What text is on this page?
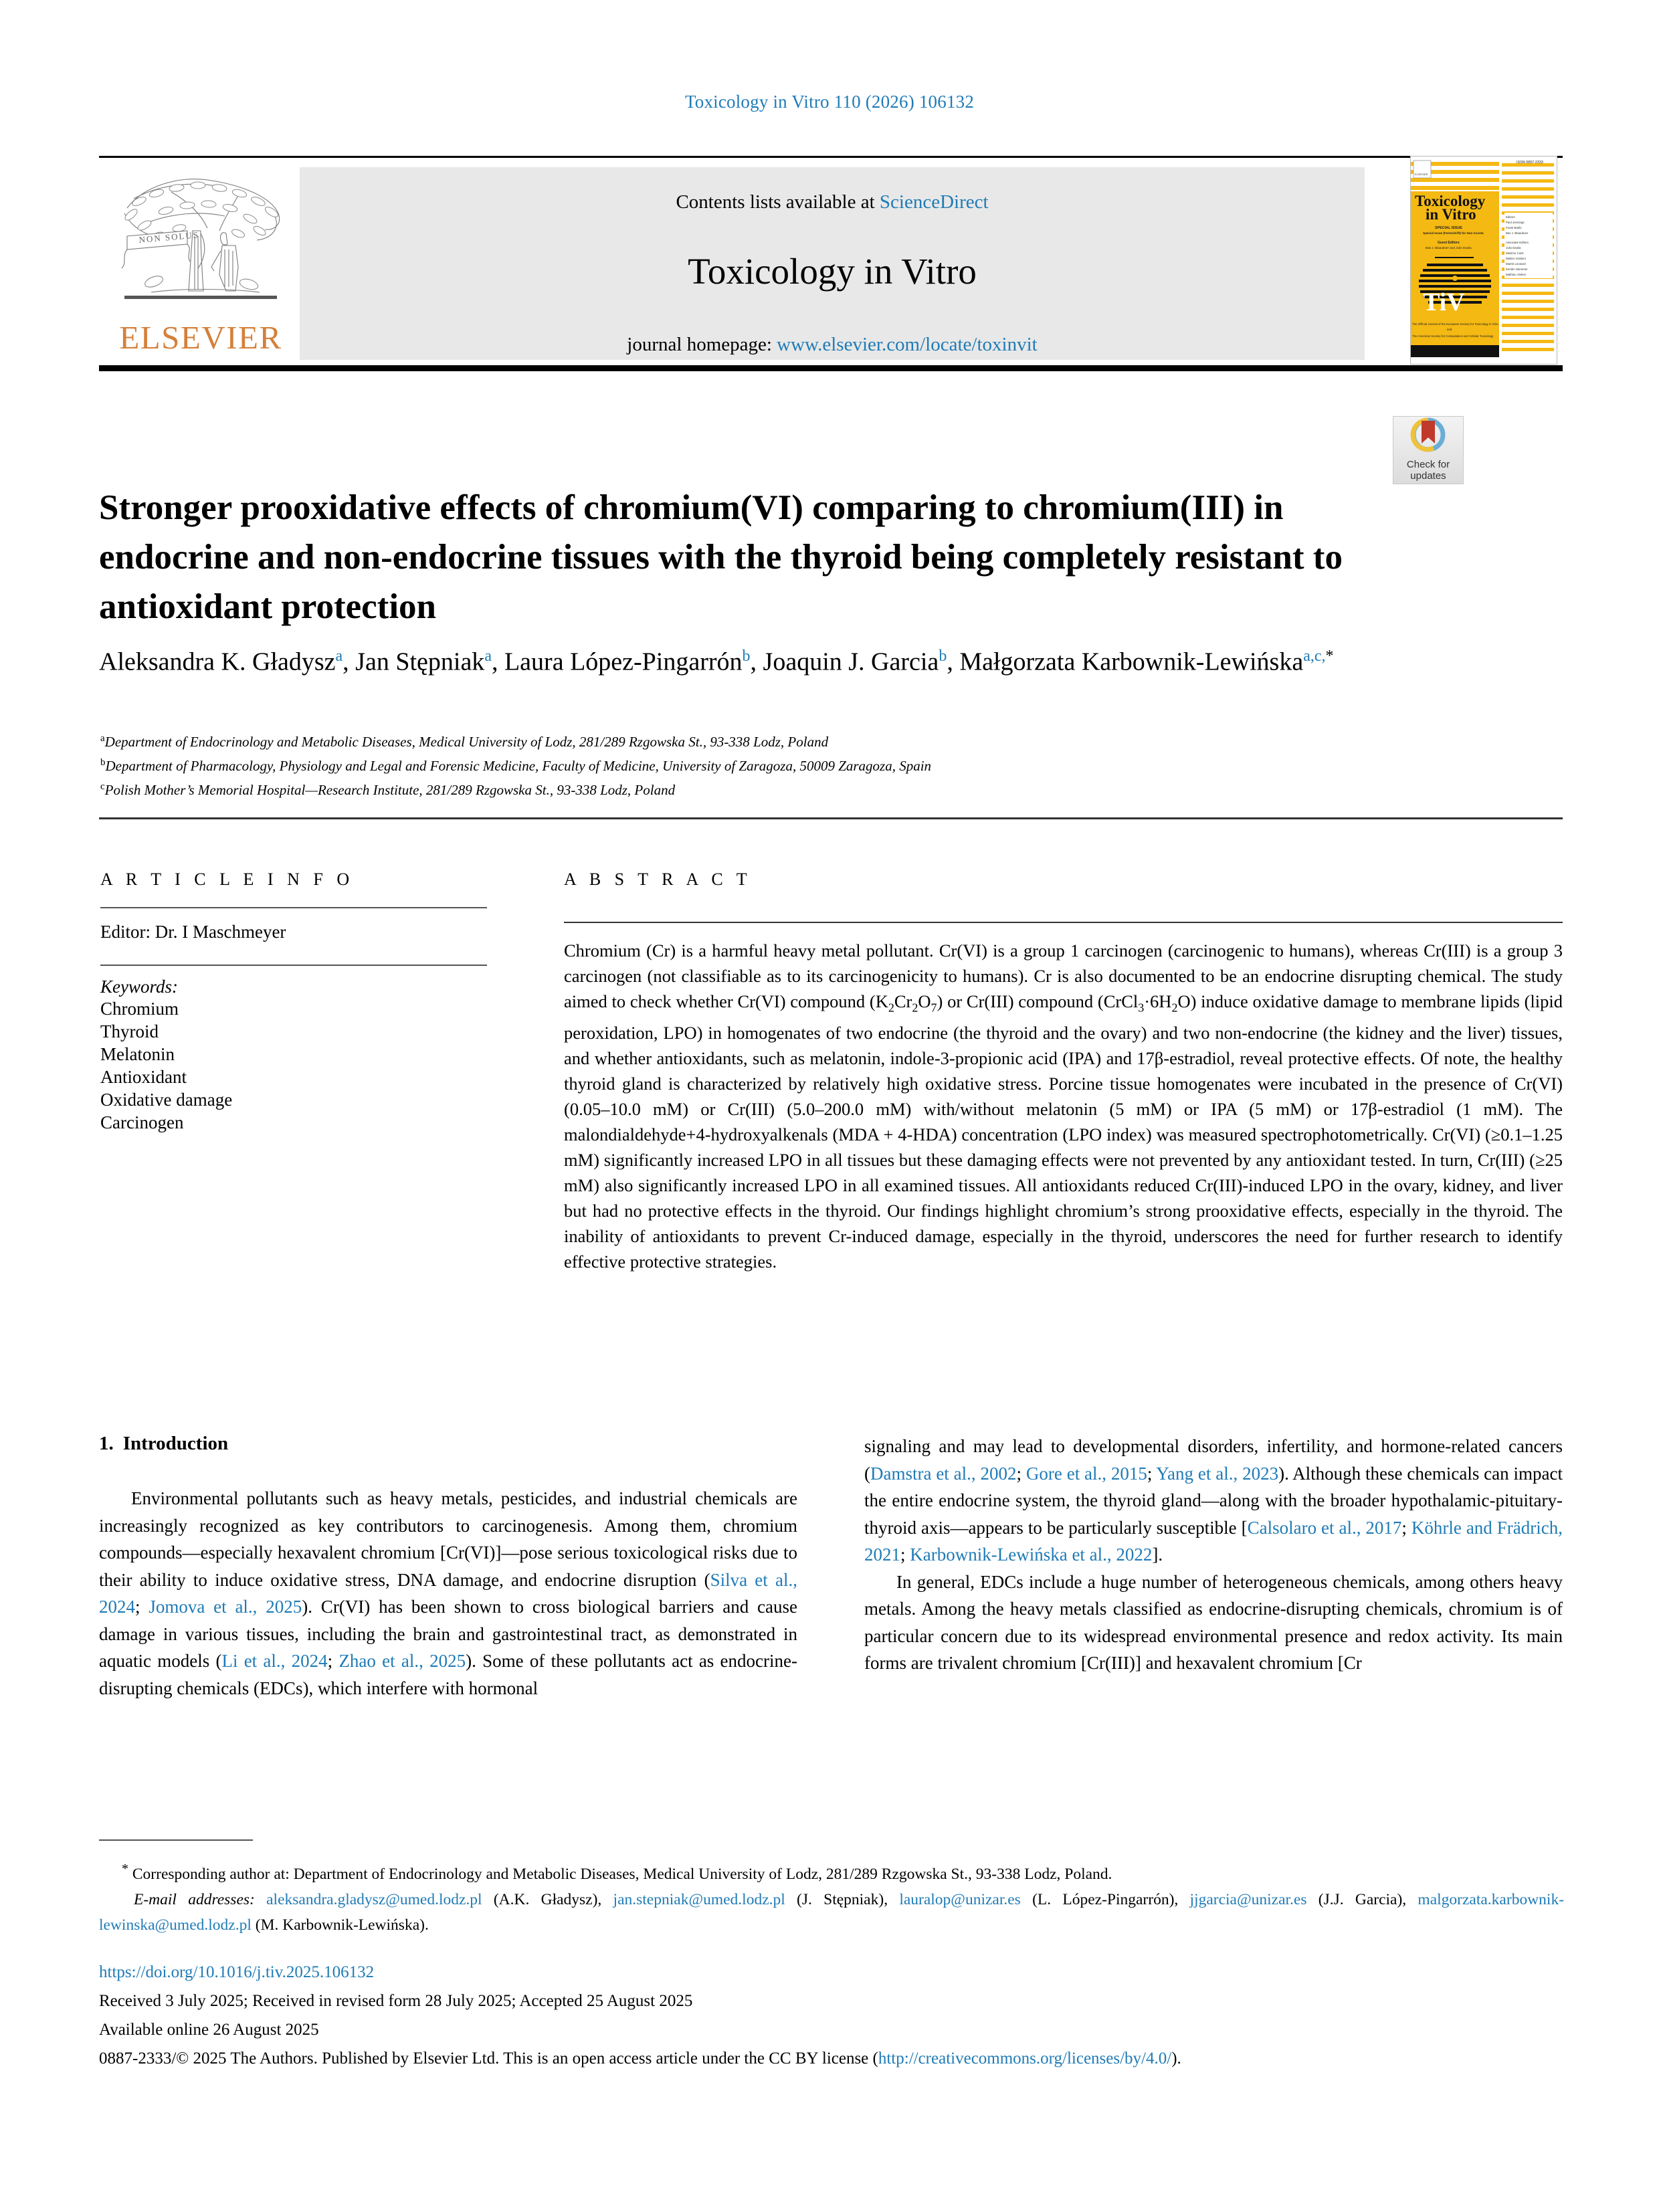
Toxicology in Vitro 110 (2026) 106132
NON SOLUS
ELSEVIER
Contents lists available at ScienceDirect
Toxicology in Vitro
journal homepage: www.elsevier.com/locate/toxinvit
ELSEVIER
Toxicology
in Vitro
SPECIAL ISSUE
Special Issue (Festschrift) for Dan Acosta
Guest Editors
Bas J. Blaauboer and Julio Davila
TiV
The Official Journal of the European Society for Toxicology in Vitro
and
The American Society for Computation and Cellular Toxicology
ISSN 0897-2333
Editors
Paul Jennings
Frank Barile
Bas J. Blaauboer
Associate Editors
Julio Davila
Maximo Cuixt
Matteo Goldoni
Martin Leonard
Kerstin Stemmer
Mathieu Vinken
Check for
updates
Stronger prooxidative effects of chromium(VI) comparing to chromium(III) in endocrine and non-endocrine tissues with the thyroid being completely resistant to antioxidant protection
Aleksandra K. Gładysz$^a$, Jan Stępniak$^a$, Laura López-Pingarrón$^b$, Joaquin J. Garcia$^b$, Małgorzata Karbownik-Lewińska$^{a,c,*}$
$^a$Department of Endocrinology and Metabolic Diseases, Medical University of Lodz, 281/289 Rzgowska St., 93-338 Lodz, Poland
$^b$Department of Pharmacology, Physiology and Legal and Forensic Medicine, Faculty of Medicine, University of Zaragoza, 50009 Zaragoza, Spain
$^c$Polish Mother’s Memorial Hospital—Research Institute, 281/289 Rzgowska St., 93-338 Lodz, Poland
A R T I C L E I N F O
Editor: Dr. I Maschmeyer
Keywords:
Chromium
Thyroid
Melatonin
Antioxidant
Oxidative damage
Carcinogen
A B S T R A C T
Chromium (Cr) is a harmful heavy metal pollutant. Cr(VI) is a group 1 carcinogen (carcinogenic to humans), whereas Cr(III) is a group 3 carcinogen (not classifiable as to its carcinogenicity to humans). Cr is also documented to be an endocrine disrupting chemical. The study aimed to check whether Cr(VI) compound $(K_2Cr_2O_7)$ or Cr(III) compound $(CrCl_3\cdot 6H_2O)$ induce oxidative damage to membrane lipids (lipid peroxidation, LPO) in homogenates of two endocrine (the thyroid and the ovary) and two non-endocrine (the kidney and the liver) tissues, and whether antioxidants, such as melatonin, indole-3-propionic acid (IPA) and 17β-estradiol, reveal protective effects. Of note, the healthy thyroid gland is characterized by relatively high oxidative stress. Porcine tissue homogenates were incubated in the presence of Cr(VI) (0.05–10.0 mM) or Cr(III) (5.0–200.0 mM) with/without melatonin (5 mM) or IPA (5 mM) or 17β-estradiol (1 mM). The malondialdehyde+4-hydroxyalkenals (MDA + 4-HDA) concentration (LPO index) was measured spectrophotometrically. Cr(VI) (≥0.1–1.25 mM) significantly increased LPO in all tissues but these damaging effects were not prevented by any antioxidant tested. In turn, Cr(III) (≥25 mM) also significantly increased LPO in all examined tissues. All antioxidants reduced Cr(III)-induced LPO in the ovary, kidney, and liver but had no protective effects in the thyroid. Our findings highlight chromium’s strong prooxidative effects, especially in the thyroid. The inability of antioxidants to prevent Cr-induced damage, especially in the thyroid, underscores the need for further research to identify effective protective strategies.
1. Introduction

Environmental pollutants such as heavy metals, pesticides, and industrial chemicals are increasingly recognized as key contributors to carcinogenesis. Among them, chromium compounds—especially hexavalent chromium [Cr(VI)]—pose serious toxicological risks due to their ability to induce oxidative stress, DNA damage, and endocrine disruption (Silva et al., 2024; Jomova et al., 2025). Cr(VI) has been shown to cross biological barriers and cause damage in various tissues, including the brain and gastrointestinal tract, as demonstrated in aquatic models (Li et al., 2024; Zhao et al., 2025). Some of these pollutants act as endocrine-disrupting chemicals (EDCs), which interfere with hormonal

signaling and may lead to developmental disorders, infertility, and hormone-related cancers (Damstra et al., 2002; Gore et al., 2015; Yang et al., 2023). Although these chemicals can impact the entire endocrine system, the thyroid gland—along with the broader hypothalamic-pituitary-thyroid axis—appears to be particularly susceptible [Calsolaro et al., 2017; Köhrle and Frädrich, 2021; Karbownik-Lewińska et al., 2022].

In general, EDCs include a huge number of heterogeneous chemicals, among others heavy metals. Among the heavy metals classified as endocrine-disrupting chemicals, chromium is of particular concern due to its widespread environmental presence and redox activity. Its main forms are trivalent chromium [Cr(III)] and hexavalent chromium [Cr

* Corresponding author at: Department of Endocrinology and Metabolic Diseases, Medical University of Lodz, 281/289 Rzgowska St., 93-338 Lodz, Poland.
E-mail addresses: aleksandra.gladysz@umed.lodz.pl (A.K. Gładysz), jan.stepniak@umed.lodz.pl (J. Stępniak), lauralop@unizar.es (L. López-Pingarrón), jjgarcia@unizar.es (J.J. Garcia), malgorzata.karbownik-lewinska@umed.lodz.pl (M. Karbownik-Lewińska).
https://doi.org/10.1016/j.tiv.2025.106132
Received 3 July 2025; Received in revised form 28 July 2025; Accepted 25 August 2025
Available online 26 August 2025
0887-2333/© 2025 The Authors. Published by Elsevier Ltd. This is an open access article under the CC BY license (http://creativecommons.org/licenses/by/4.0/).
